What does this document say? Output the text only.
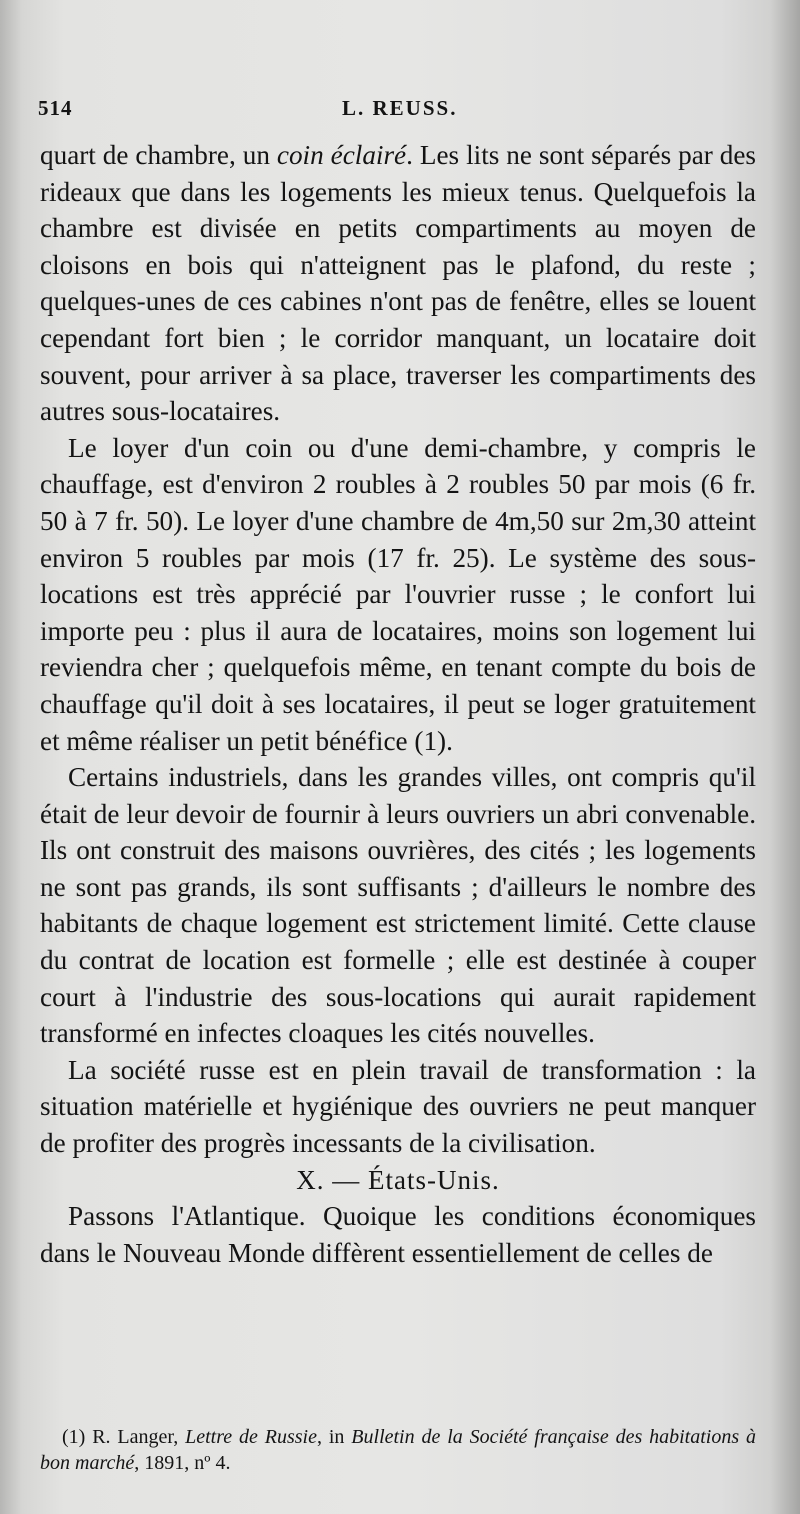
514	L. REUSS.

quart de chambre, un coin éclairé. Les lits ne sont séparés par des rideaux que dans les logements les mieux tenus. Quelquefois la chambre est divisée en petits compartiments au moyen de cloisons en bois qui n'atteignent pas le plafond, du reste ; quelques-unes de ces cabines n'ont pas de fenêtre, elles se louent cependant fort bien ; le corridor manquant, un locataire doit souvent, pour arriver à sa place, traverser les compartiments des autres sous-locataires.

Le loyer d'un coin ou d'une demi-chambre, y compris le chauffage, est d'environ 2 roubles à 2 roubles 50 par mois (6 fr. 50 à 7 fr. 50). Le loyer d'une chambre de 4m,50 sur 2m,30 atteint environ 5 roubles par mois (17 fr. 25). Le système des sous-locations est très apprécié par l'ouvrier russe ; le confort lui importe peu : plus il aura de locataires, moins son logement lui reviendra cher ; quelquefois même, en tenant compte du bois de chauffage qu'il doit à ses locataires, il peut se loger gratuitement et même réaliser un petit bénéfice (1).

Certains industriels, dans les grandes villes, ont compris qu'il était de leur devoir de fournir à leurs ouvriers un abri convenable. Ils ont construit des maisons ouvrières, des cités ; les logements ne sont pas grands, ils sont suffisants ; d'ailleurs le nombre des habitants de chaque logement est strictement limité. Cette clause du contrat de location est formelle ; elle est destinée à couper court à l'industrie des sous-locations qui aurait rapidement transformé en infectes cloaques les cités nouvelles.

La société russe est en plein travail de transformation : la situation matérielle et hygiénique des ouvriers ne peut manquer de profiter des progrès incessants de la civilisation.

X. — États-Unis.

Passons l'Atlantique. Quoique les conditions économiques dans le Nouveau Monde diffèrent essentiellement de celles de

(1) R. Langer, Lettre de Russie, in Bulletin de la Société française des habitations à bon marché, 1891, nº 4.
